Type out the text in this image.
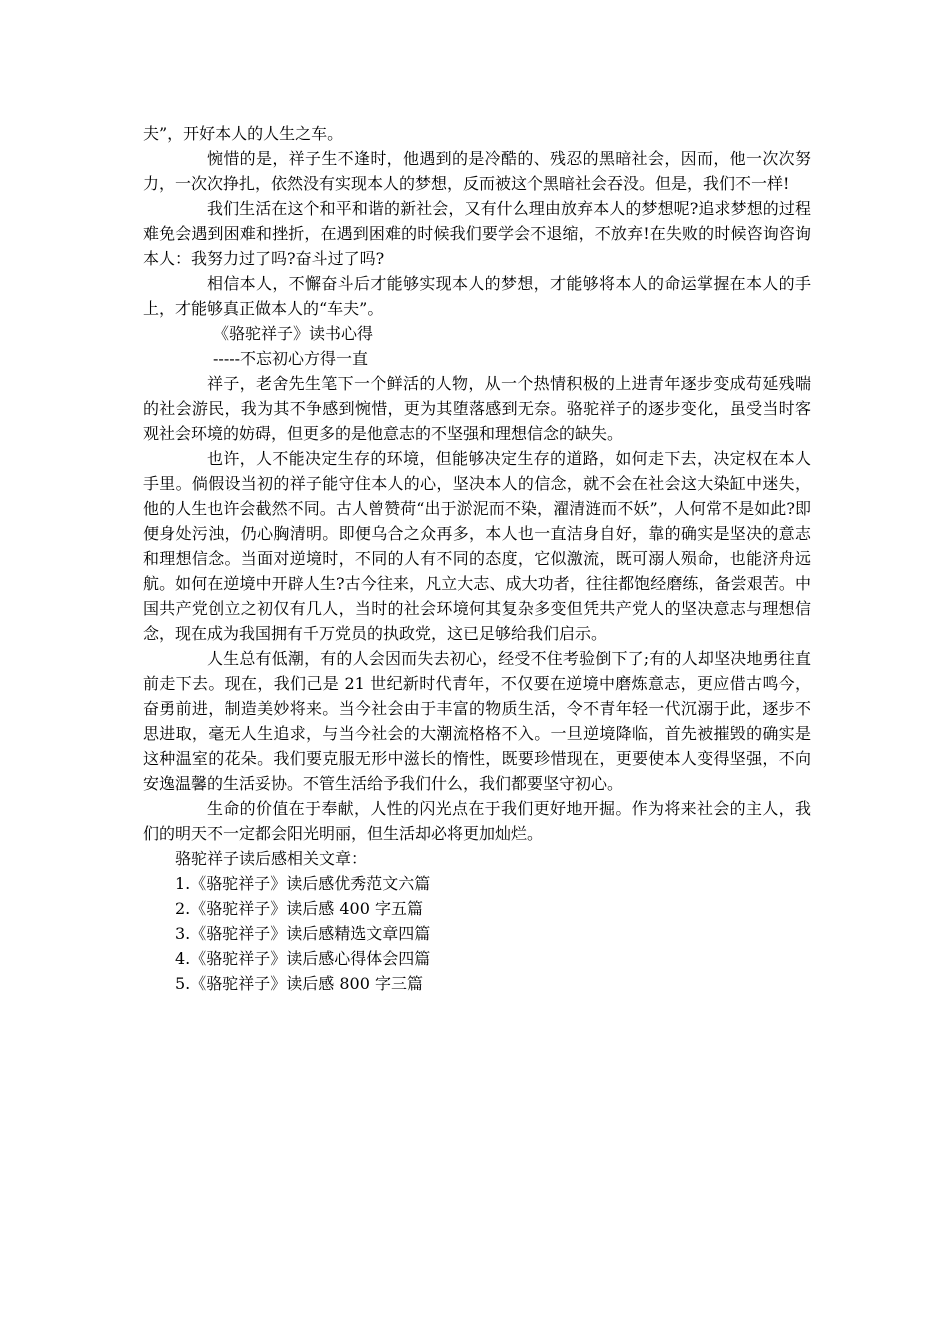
夫”，开好本人的人生之车。

惋惜的是，祥子生不逢时，他遇到的是冷酷的、残忍的黑暗社会，因而，他一次次努力，一次次挣扎，依然没有实现本人的梦想，反而被这个黑暗社会吞没。但是，我们不一样!

我们生活在这个和平和谐的新社会，又有什么理由放弃本人的梦想呢?追求梦想的过程难免会遇到困难和挫折，在遇到困难的时候我们要学会不退缩，不放弃!在失败的时候咨询咨询本人：我努力过了吗?奋斗过了吗?

相信本人，不懈奋斗后才能够实现本人的梦想，才能够将本人的命运掌握在本人的手上，才能够真正做本人的“车夫”。

《骆驼祥子》读书心得

-----不忘初心方得一直

祥子，老舍先生笔下一个鲜活的人物，从一个热情积极的上进青年逐步变成苟延残喘的社会游民，我为其不争感到惋惜，更为其堕落感到无奈。骆驼祥子的逐步变化，虽受当时客观社会环境的妨碍，但更多的是他意志的不坚强和理想信念的缺失。

也许，人不能决定生存的环境，但能够决定生存的道路，如何走下去，决定权在本人手里。倘假设当初的祥子能守住本人的心，坚决本人的信念，就不会在社会这大染缸中迷失，他的人生也许会截然不同。古人曾赞荷“出于淤泥而不染，濯清涟而不妖”，人何常不是如此?即便身处污浊，仍心胸清明。即便乌合之众再多，本人也一直洁身自好，靠的确实是坚决的意志和理想信念。当面对逆境时，不同的人有不同的态度，它似激流，既可溺人殒命，也能济舟远航。如何在逆境中开辟人生?古今往来，凡立大志、成大功者，往往都饱经磨练，备尝艰苦。中国共产党创立之初仅有几人，当时的社会环境何其复杂多变但凭共产党人的坚决意志与理想信念，现在成为我国拥有千万党员的执政党，这已足够给我们启示。

人生总有低潮，有的人会因而失去初心，经受不住考验倒下了;有的人却坚决地勇往直前走下去。现在，我们己是 21 世纪新时代青年，不仅要在逆境中磨炼意志，更应借古鸣今，奋勇前进，制造美妙将来。当今社会由于丰富的物质生活，令不青年轻一代沉溺于此，逐步不思进取，毫无人生追求，与当今社会的大潮流格格不入。一旦逆境降临，首先被摧毁的确实是这种温室的花朵。我们要克服无形中滋长的惰性，既要珍惜现在，更要使本人变得坚强，不向安逸温馨的生活妥协。不管生活给予我们什么，我们都要坚守初心。

生命的价值在于奉献，人性的闪光点在于我们更好地开掘。作为将来社会的主人，我们的明天不一定都会阳光明丽，但生活却必将更加灿烂。

骆驼祥子读后感相关文章：

1.《骆驼祥子》读后感优秀范文六篇

2.《骆驼祥子》读后感 400 字五篇

3.《骆驼祥子》读后感精选文章四篇

4.《骆驼祥子》读后感心得体会四篇

5.《骆驼祥子》读后感 800 字三篇
